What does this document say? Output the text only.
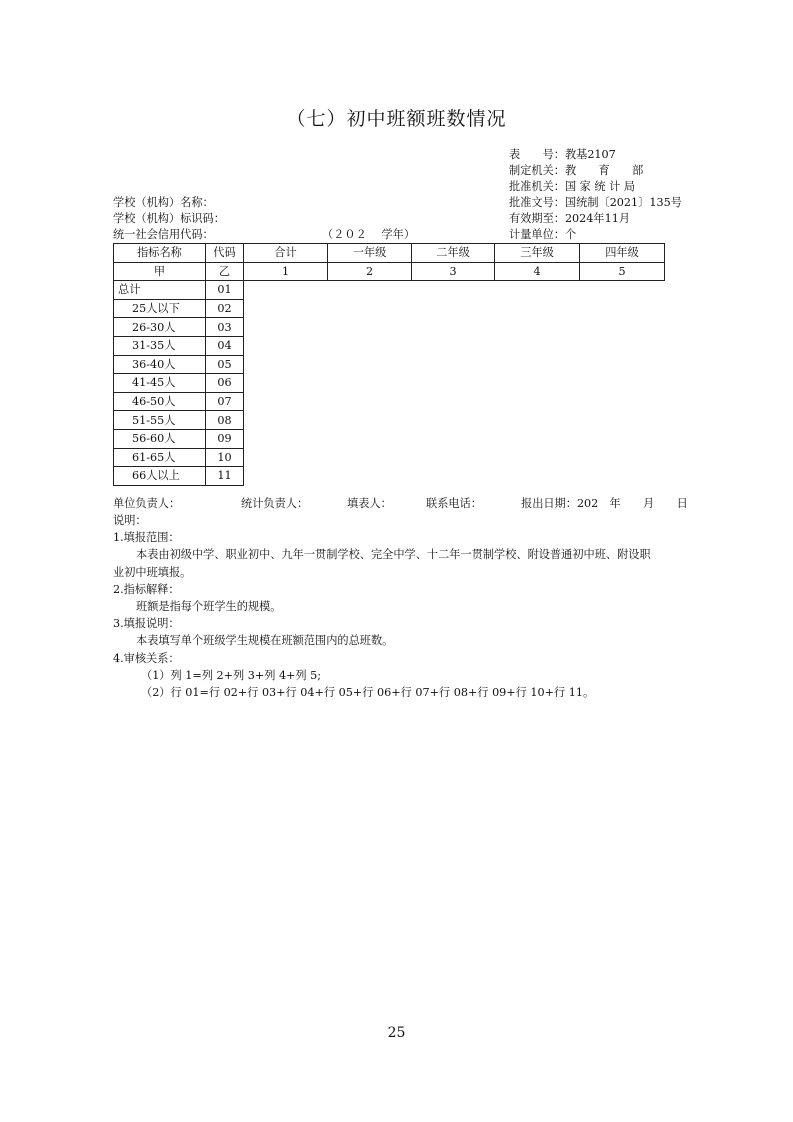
（七）初中班额班数情况
表　　号：教基2107
制定机关：教　　育　　部
批准机关：国 家 统 计 局
批准文号：国统制〔2021〕135号
有效期至：2024年11月
计量单位：个
学校（机构）名称：
学校（机构）标识码：
统一社会信用代码：	（２０２　 学年）
指标名称	代码	合计	一年级	二年级	三年级	四年级
甲	乙	1	2	3	4	5
总计	01					
25人以下	02					
26-30人	03					
31-35人	04					
36-40人	05					
41-45人	06					
46-50人	07					
51-55人	08					
56-60人	09					
61-65人	10					
66人以上	11					
单位负责人：	统计负责人：	填表人：	联系电话：	报出日期：202　年　　月　　日
说明：
1.填报范围：
本表由初级中学、职业初中、九年一贯制学校、完全中学、十二年一贯制学校、附设普通初中班、附设职
业初中班填报。
2.指标解释：
班额是指每个班学生的规模。
3.填报说明：
本表填写单个班级学生规模在班额范围内的总班数。
4.审核关系：
（1）列 1=列 2+列 3+列 4+列 5;
（2）行 01=行 02+行 03+行 04+行 05+行 06+行 07+行 08+行 09+行 10+行 11。
25
